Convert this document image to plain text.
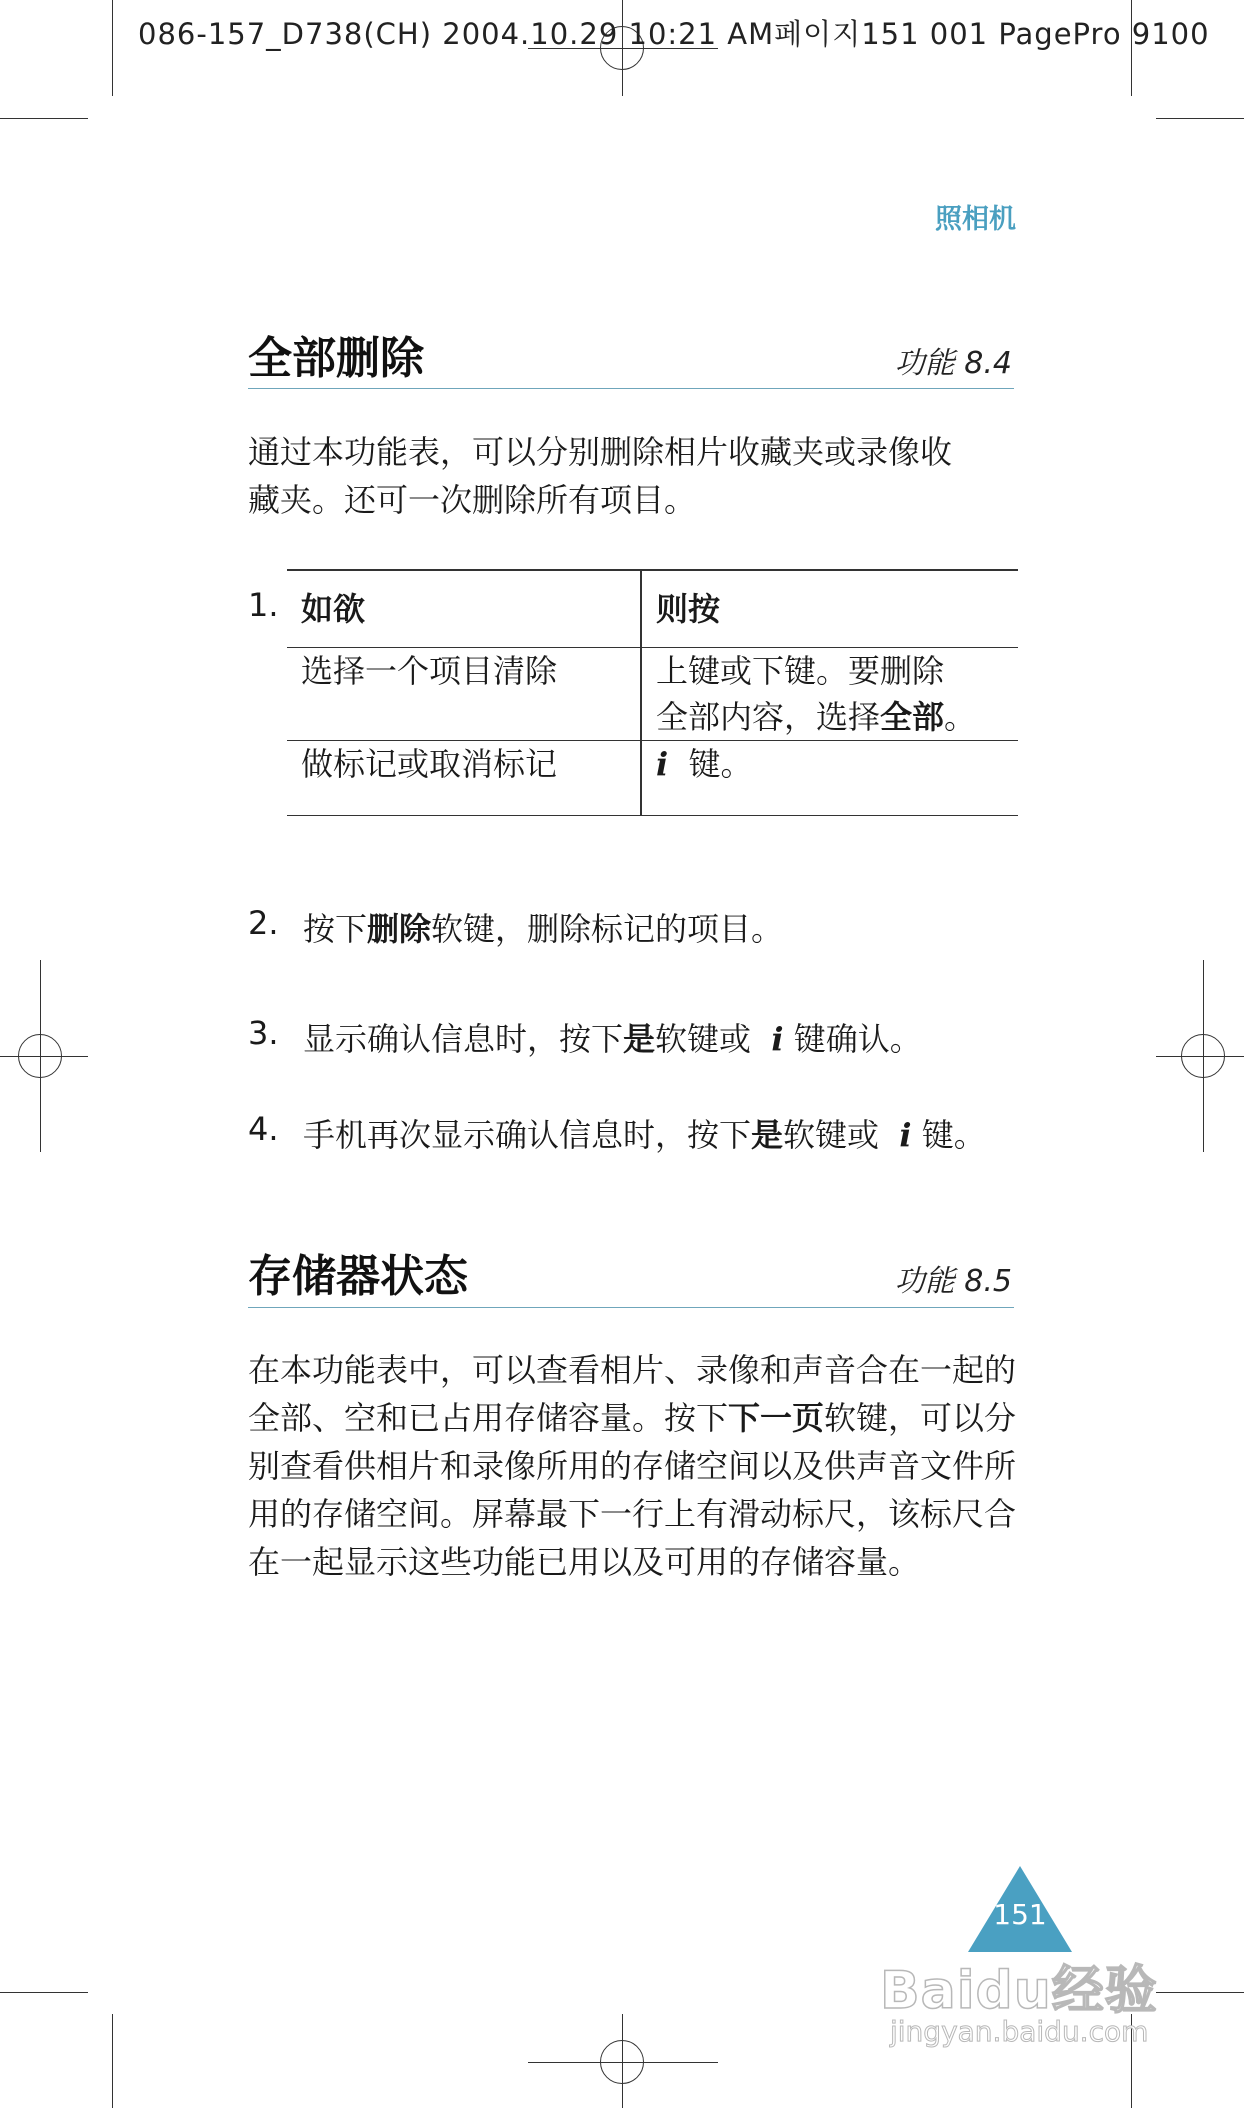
086-157_D738(CH) 2004.10.29 10:21 AM페이지151 001 PagePro 9100
照相机
全部删除	功能 8.4
通过本功能表，可以分别删除相片收藏夹或录像收
藏夹。还可一次删除所有项目。
1. 如欲	则按
选择一个项目清除	上键或下键。要删除
全部内容，选择全部。

做标记或取消标记	i 键。
2. 按下删除软键，删除标记的项目。
3. 显示确认信息时，按下是软键或 i 键确认。
4. 手机再次显示确认信息时，按下是软键或 i 键。
存储器状态	功能 8.5
在本功能表中，可以查看相片、录像和声音合在一起的全部、空和已占用存储容量。按下下一页软键，可以分别查看供相片和录像所用的存储空间以及供声音文件所用的存储空间。屏幕最下一行上有滑动标尺，该标尺合在一起显示这些功能已用以及可用的存储容量。
151
Baidu经验
jingyan.baidu.com
